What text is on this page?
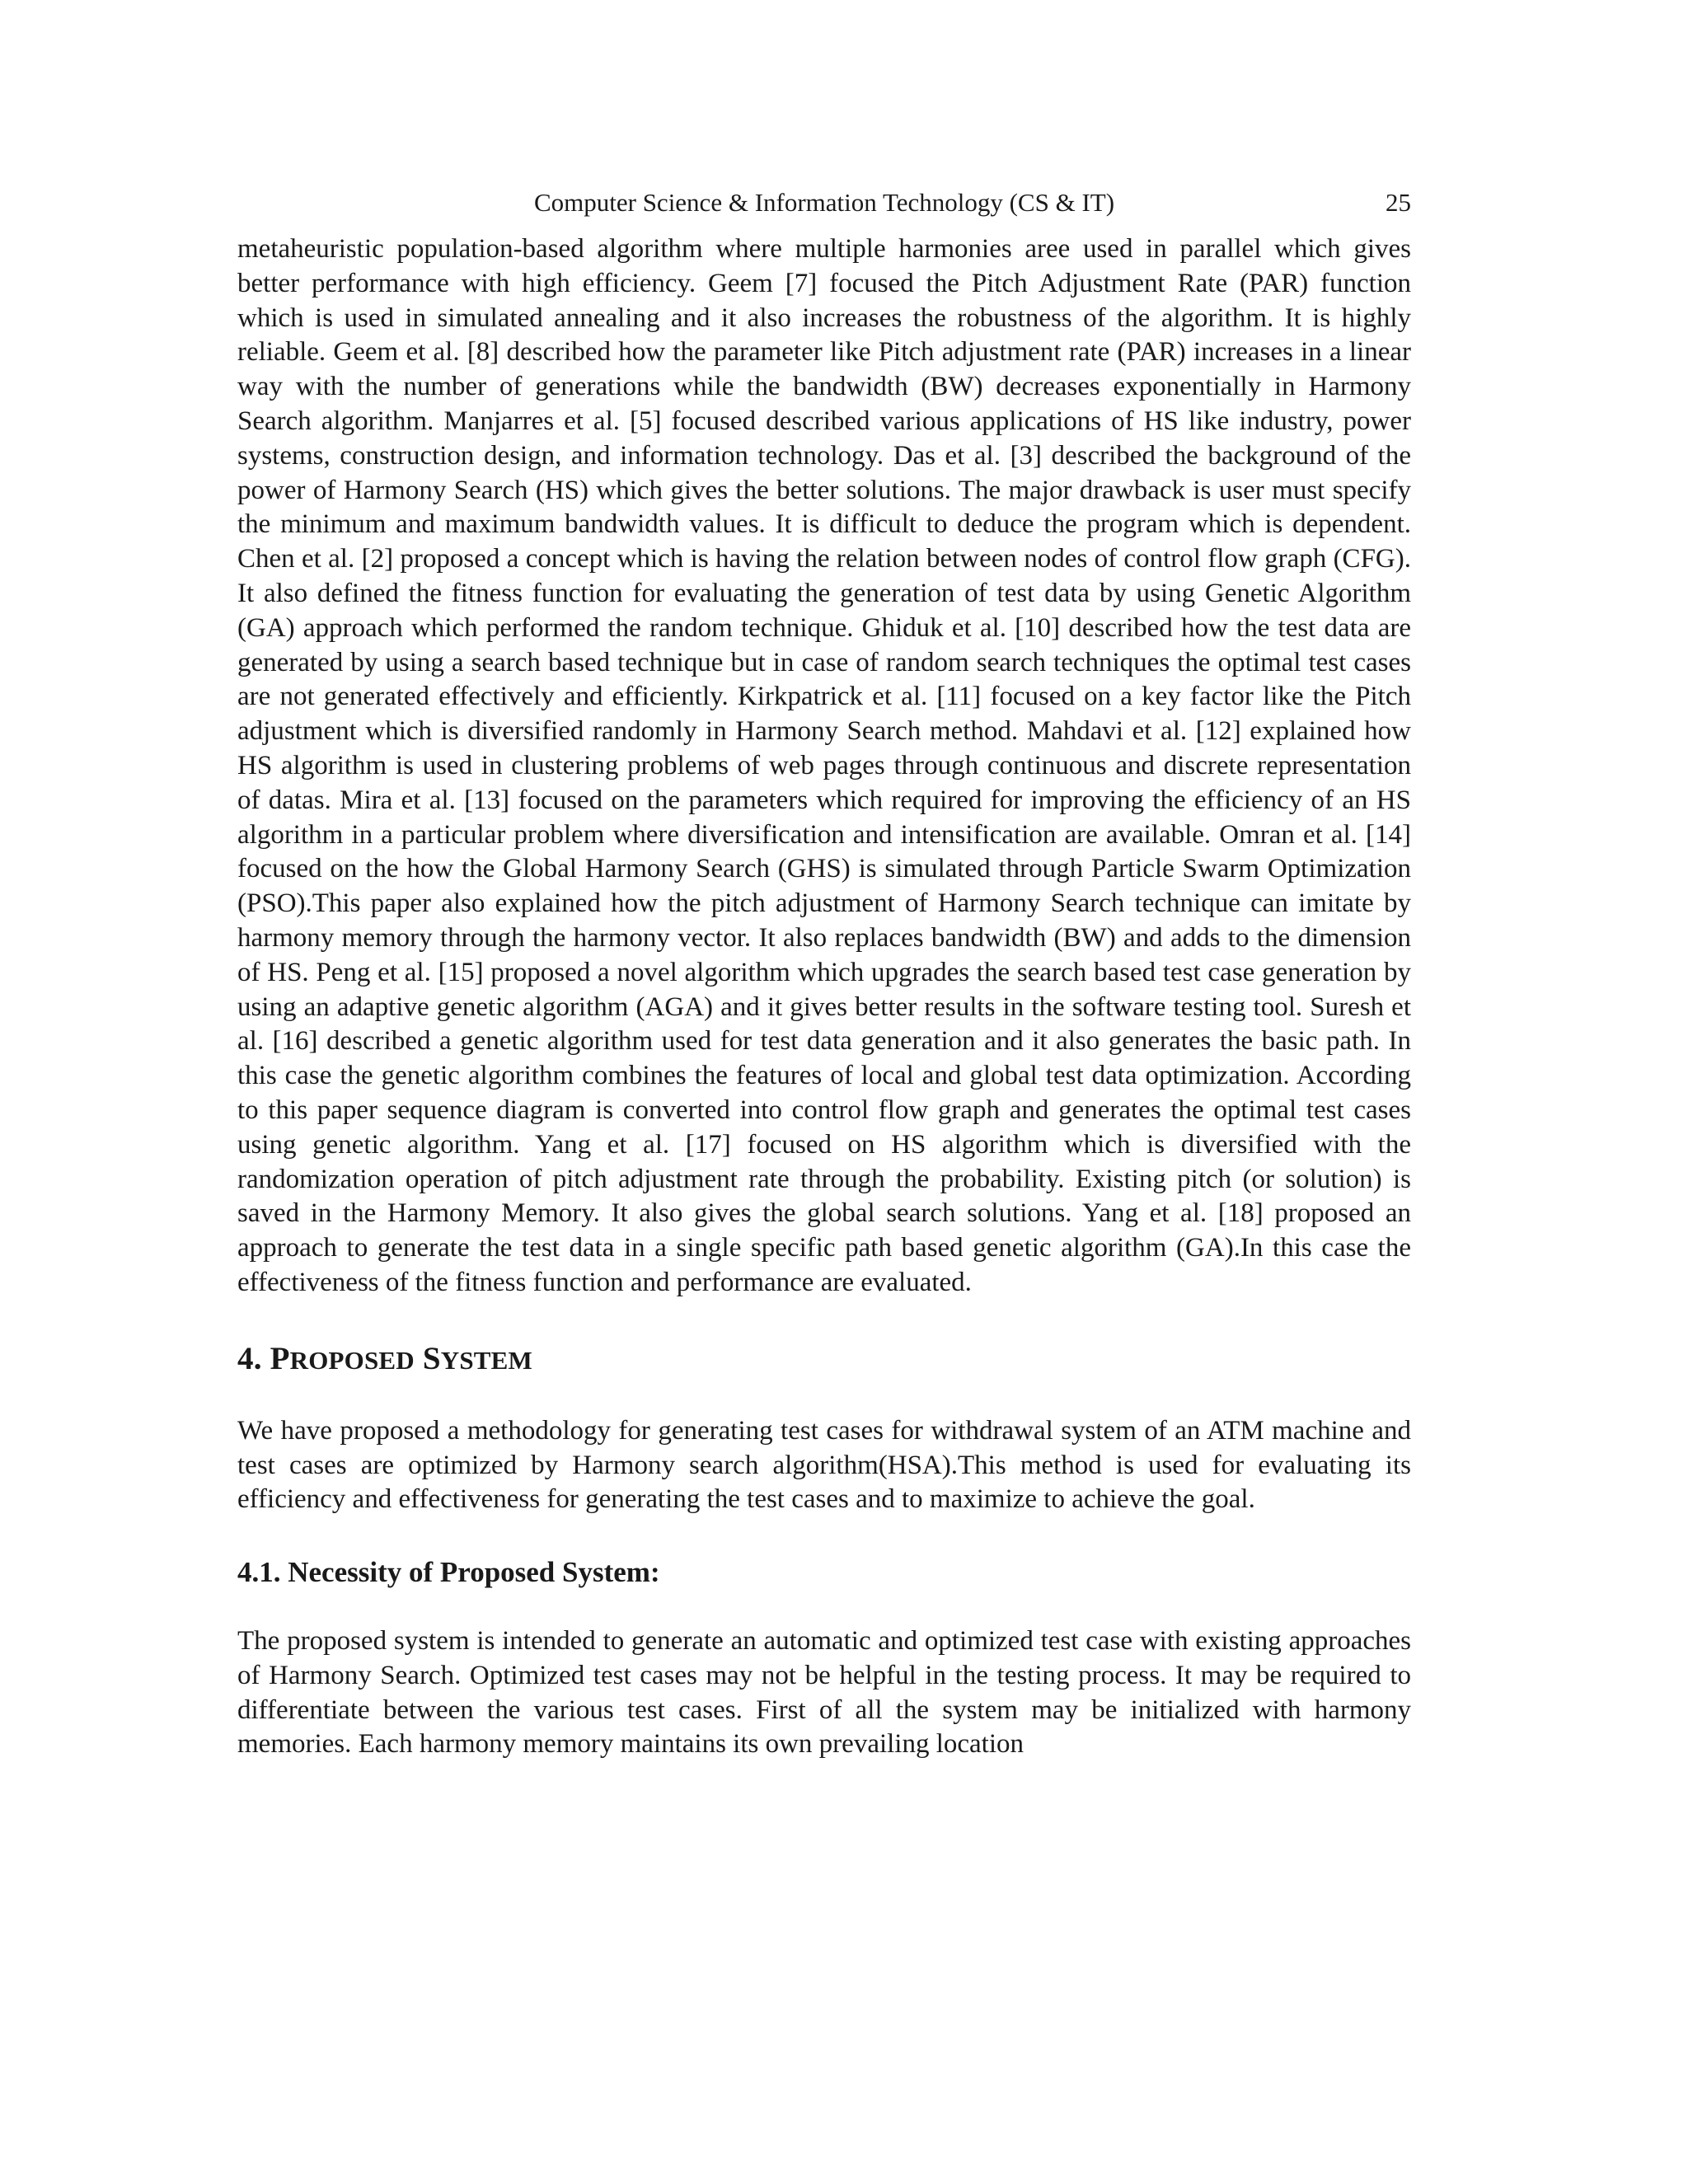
Computer Science & Information Technology (CS & IT)	25

metaheuristic population-based algorithm where multiple harmonies aree used in parallel which gives better performance with high efficiency. Geem [7] focused the Pitch Adjustment Rate (PAR) function which is used in simulated annealing and it also increases the robustness of the algorithm. It is highly reliable. Geem et al. [8] described how the parameter like Pitch adjustment rate (PAR) increases in a linear way with the number of generations while the bandwidth (BW) decreases exponentially in Harmony Search algorithm. Manjarres et al. [5] focused described various applications of HS like industry, power systems, construction design, and information technology. Das et al. [3] described the background of the power of Harmony Search (HS) which gives the better solutions. The major drawback is user must specify the minimum and maximum bandwidth values. It is difficult to deduce the program which is dependent. Chen et al. [2] proposed a concept which is having the relation between nodes of control flow graph (CFG). It also defined the fitness function for evaluating the generation of test data by using Genetic Algorithm (GA) approach which performed the random technique. Ghiduk et al. [10] described how the test data are generated by using a search based technique but in case of random search techniques the optimal test cases are not generated effectively and efficiently. Kirkpatrick et al. [11] focused on a key factor like the Pitch adjustment which is diversified randomly in Harmony Search method. Mahdavi et al. [12] explained how HS algorithm is used in clustering problems of web pages through continuous and discrete representation of datas. Mira et al. [13] focused on the parameters which required for improving the efficiency of an HS algorithm in a particular problem where diversification and intensification are available. Omran et al. [14] focused on the how the Global Harmony Search (GHS) is simulated through Particle Swarm Optimization (PSO).This paper also explained how the pitch adjustment of Harmony Search technique can imitate by harmony memory through the harmony vector. It also replaces bandwidth (BW) and adds to the dimension of HS. Peng et al. [15] proposed a novel algorithm which upgrades the search based test case generation by using an adaptive genetic algorithm (AGA) and it gives better results in the software testing tool. Suresh et al. [16] described a genetic algorithm used for test data generation and it also generates the basic path. In this case the genetic algorithm combines the features of local and global test data optimization. According to this paper sequence diagram is converted into control flow graph and generates the optimal test cases using genetic algorithm. Yang et al. [17] focused on HS algorithm which is diversified with the randomization operation of pitch adjustment rate through the probability. Existing pitch (or solution) is saved in the Harmony Memory. It also gives the global search solutions. Yang et al. [18] proposed an approach to generate the test data in a single specific path based genetic algorithm (GA).In this case the effectiveness of the fitness function and performance are evaluated.

4. PROPOSED SYSTEM

We have proposed a methodology for generating test cases for withdrawal system of an ATM machine and test cases are optimized by Harmony search algorithm(HSA).This method is used for evaluating its efficiency and effectiveness for generating the test cases and to maximize to achieve the goal.

4.1. Necessity of Proposed System:

The proposed system is intended to generate an automatic and optimized test case with existing approaches of Harmony Search. Optimized test cases may not be helpful in the testing process. It may be required to differentiate between the various test cases. First of all the system may be initialized with harmony memories. Each harmony memory maintains its own prevailing location
